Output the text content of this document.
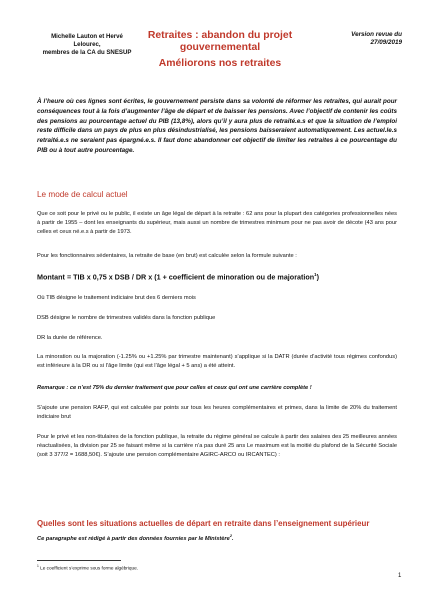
Michelle Lauton et Hervé Lelourec,
membres de la CA du SNESUP
Retraites : abandon du projet
gouvernemental
Améliorons nos retraites
Version revue du
27/09/2019

À l’heure où ces lignes sont écrites, le gouvernement persiste dans sa volonté de réformer les retraites, qui aurait pour conséquences tout à la fois d’augmenter l’âge de départ et de baisser les pensions. Avec l’objectif de contenir les coûts des pensions au pourcentage actuel du PIB (13,8%), alors qu’il y aura plus de retraité.e.s et que la situation de l’emploi reste difficile dans un pays de plus en plus désindustrialisé, les pensions baisseraient automatiquement. Les actuel.le.s retraité.e.s ne seraient pas épargné.e.s. Il faut donc abandonner cet objectif de limiter les retraites à ce pourcentage du PIB ou à tout autre pourcentage.

Le mode de calcul actuel

Que ce soit pour le privé ou le public, il existe un âge légal de départ à la retraite : 62 ans pour la plupart des catégories professionnelles nées à partir de 1955 – dont les enseignants du supérieur, mais aussi un nombre de trimestres minimum pour ne pas avoir de décote (43 ans pour celles et ceux né.e.s à partir de 1973.

Pour les fonctionnaires sédentaires, la retraite de base (en brut) est calculée selon la formule suivante :

Montant = TIB x 0,75 x DSB / DR x (1 + coefficient de minoration ou de majoration$^1$)

Où TIB désigne le traitement indiciaire brut des 6 derniers mois

DSB désigne le nombre de trimestres validés dans la fonction publique

DR la durée de référence.

La minoration ou la majoration (-1.25% ou +1.25% par trimestre maintenant) s’applique si la DATR (durée d’activité tous régimes confondus) est inférieure à la DR ou si l’âge limite (qui est l’âge légal + 5 ans) a été atteint.

Remarque : ce n’est 75% du dernier traitement que pour celles et ceux qui ont une carrière complète !

S’ajoute une pension RAFP, qui est calculée par points sur tous les heures complémentaires et primes, dans la limite de 20% du traitement indiciaire brut

Pour le privé et les non-titulaires de la fonction publique, la retraite du régime général se calcule à partir des salaires des 25 meilleures années réactualisées, la division par 25 se faisant même si la carrière n’a pas duré 25 ans Le maximum est la moitié du plafond de la Sécurité Sociale (soit 3 377/2 = 1688,50€). S’ajoute une pension complémentaire AGIRC-ARCO ou IRCANTEC) :

Quelles sont les situations actuelles de départ en retraite dans l’enseignement supérieur
Ce paragraphe est rédigé à partir des données fournies par le Ministère$^2$.
$^1$ Le coefficient s’exprime sous forme algébrique.
1
